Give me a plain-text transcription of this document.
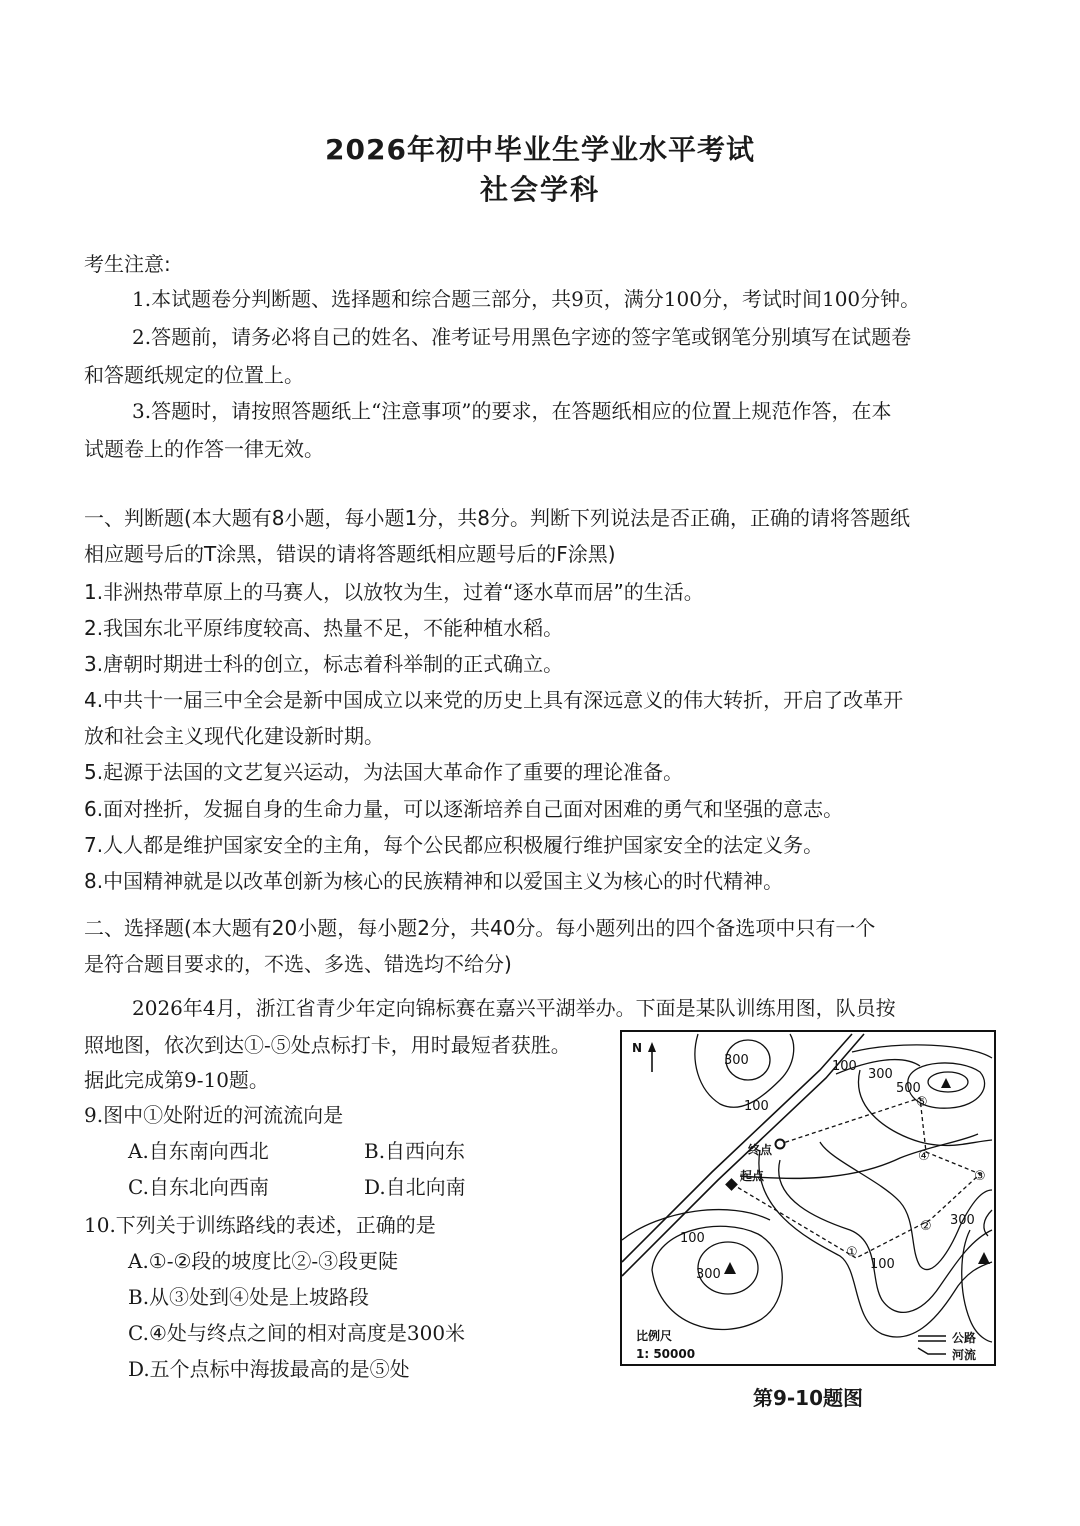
2026年初中毕业生学业水平考试
社会学科
考生注意:
1.本试题卷分判断题、选择题和综合题三部分，共9页，满分100分，考试时间100分钟。
2.答题前，请务必将自己的姓名、准考证号用黑色字迹的签字笔或钢笔分别填写在试题卷
和答题纸规定的位置上。
3.答题时，请按照答题纸上“注意事项”的要求，在答题纸相应的位置上规范作答，在本
试题卷上的作答一律无效。
一、判断题(本大题有8小题，每小题1分，共8分。判断下列说法是否正确，正确的请将答题纸
相应题号后的T涂黑，错误的请将答题纸相应题号后的F涂黑)
1.非洲热带草原上的马赛人，以放牧为生，过着“逐水草而居”的生活。
2.我国东北平原纬度较高、热量不足，不能种植水稻。
3.唐朝时期进士科的创立，标志着科举制的正式确立。
4.中共十一届三中全会是新中国成立以来党的历史上具有深远意义的伟大转折，开启了改革开
放和社会主义现代化建设新时期。
5.起源于法国的文艺复兴运动，为法国大革命作了重要的理论准备。
6.面对挫折，发掘自身的生命力量，可以逐渐培养自己面对困难的勇气和坚强的意志。
7.人人都是维护国家安全的主角，每个公民都应积极履行维护国家安全的法定义务。
8.中国精神就是以改革创新为核心的民族精神和以爱国主义为核心的时代精神。
二、选择题(本大题有20小题，每小题2分，共40分。每小题列出的四个备选项中只有一个
是符合题目要求的，不选、多选、错选均不给分)
2026年4月，浙江省青少年定向锦标赛在嘉兴平湖举办。下面是某队训练用图，队员按
照地图，依次到达①-⑤处点标打卡，用时最短者获胜。
据此完成第9-10题。
9.图中①处附近的河流流向是
A.自东南向西北	B.自西向东
C.自东北向西南	D.自北向南
10.下列关于训练路线的表述，正确的是
A.①-②段的坡度比②-③段更陡
B.从③处到④处是上坡路段
C.④处与终点之间的相对高度是300米
D.五个点标中海拔最高的是⑤处
N
300	100
100
300
500
100
300
100
300
①
②
③
④
⑤
终点
起点
比例尺
1: 50000
公路
河流
第9-10题图
